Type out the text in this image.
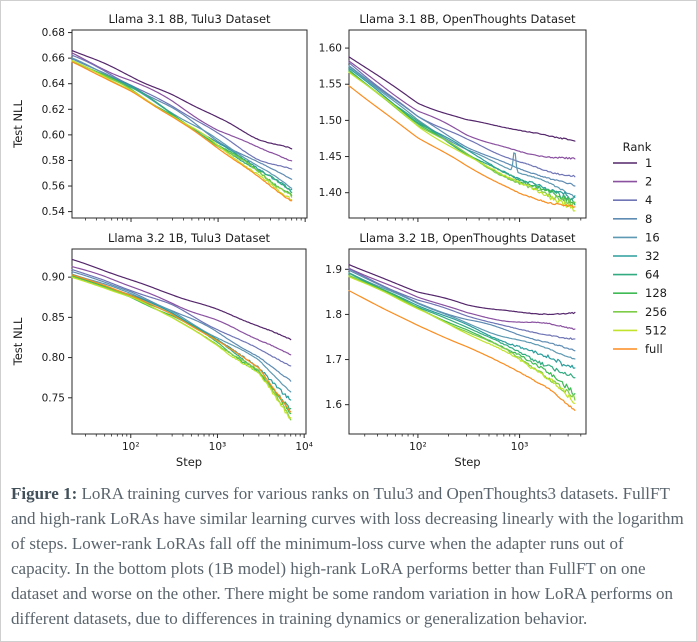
Llama 3.1 8B, Tulu3 Dataset
0.54
0.56
0.58
0.60
0.62
0.64
0.66
0.68
Test NLL
Llama 3.1 8B, OpenThoughts Dataset
1.40
1.45
1.50
1.55
1.60
Llama 3.2 1B, Tulu3 Dataset
0.75
0.80
0.85
0.90
10²	10³	10⁴
Step
Test NLL
Llama 3.2 1B, OpenThoughts Dataset
1.6
1.7
1.8
1.9
10²	10³
Step
Rank
1
2
4
8
16
32
64
128
256
512
full
Figure 1: LoRA training curves for various ranks on Tulu3 and OpenThoughts3 datasets. FullFT and high-rank LoRAs have similar learning curves with loss decreasing linearly with the logarithm of steps. Lower-rank LoRAs fall off the minimum-loss curve when the adapter runs out of capacity. In the bottom plots (1B model) high-rank LoRA performs better than FullFT on one dataset and worse on the other. There might be some random variation in how LoRA performs on different datasets, due to differences in training dynamics or generalization behavior.
